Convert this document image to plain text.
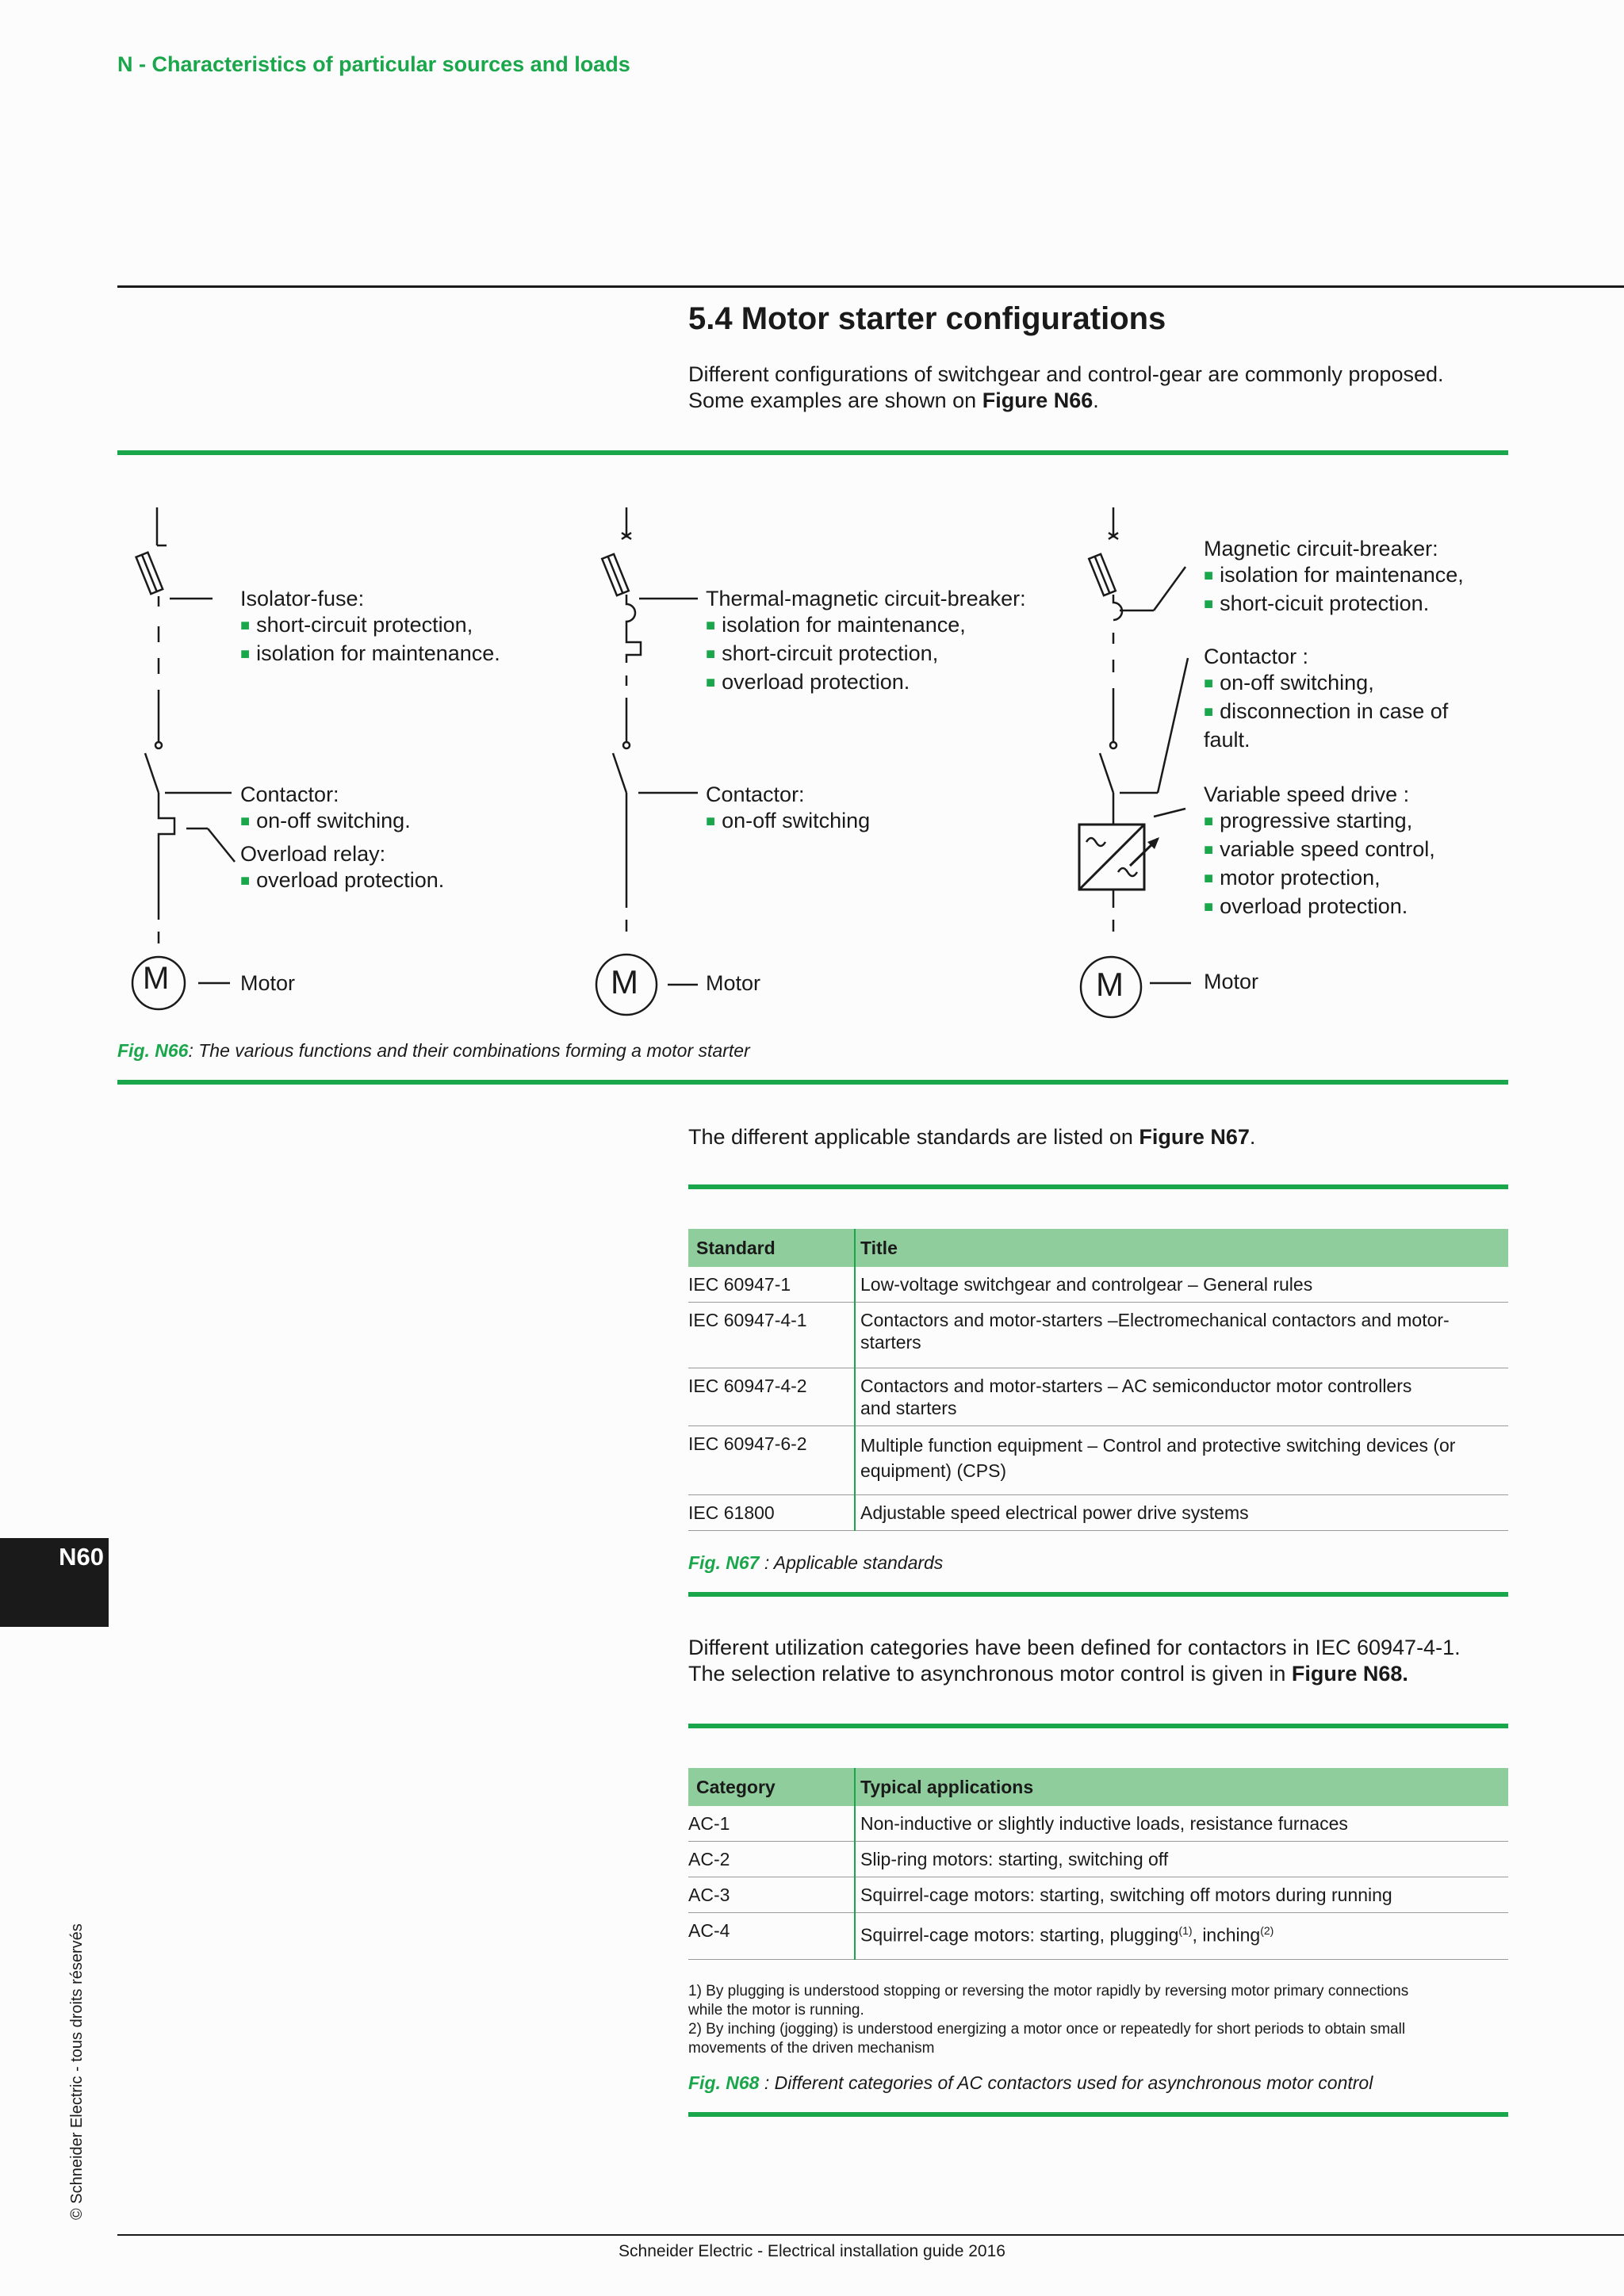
N - Characteristics of particular sources and loads
5.4 Motor starter configurations
Different configurations of switchgear and control-gear are commonly proposed.
Some examples are shown on Figure N66.
M	M	M
Isolator-fuse:
■ short-circuit protection,
■ isolation for maintenance.
Contactor:
■ on-off switching.
Overload relay:
■ overload protection.
Motor
Thermal-magnetic circuit-breaker:
■ isolation for maintenance,
■ short-circuit protection,
■ overload protection.
Contactor:
■ on-off switching
Motor
Magnetic circuit-breaker:
■ isolation for maintenance,
■ short-cicuit protection.
Contactor :
■ on-off switching,
■ disconnection in case of
fault.
Variable speed drive :
■ progressive starting,
■ variable speed control,
■ motor protection,
■ overload protection.
Motor
Fig. N66: The various functions and their combinations forming a motor starter
The different applicable standards are listed on Figure N67.
Standard	Title
IEC 60947-1	Low-voltage switchgear and controlgear – General rules
IEC 60947-4-1	Contactors and motor-starters –Electromechanical contactors and motor-starters
IEC 60947-4-2	Contactors and motor-starters – AC semiconductor motor controllers and starters
IEC 60947-6-2	Multiple function equipment – Control and protective switching devices (or equipment) (CPS)
IEC 61800	Adjustable speed electrical power drive systems
Fig. N67 : Applicable standards
Different utilization categories have been defined for contactors in IEC 60947-4-1.
The selection relative to asynchronous motor control is given in Figure N68.
Category	Typical applications
AC-1	Non-inductive or slightly inductive loads, resistance furnaces
AC-2	Slip-ring motors: starting, switching off
AC-3	Squirrel-cage motors: starting, switching off motors during running
AC-4	Squirrel-cage motors: starting, plugging$^{(1)}$, inching$^{(2)}$
1) By plugging is understood stopping or reversing the motor rapidly by reversing motor primary connections
while the motor is running.
2) By inching (jogging) is understood energizing a motor once or repeatedly for short periods to obtain small
movements of the driven mechanism
Fig. N68 : Different categories of AC contactors used for asynchronous motor control
N60
© Schneider Electric - tous droits réservés
Schneider Electric - Electrical installation guide 2016
